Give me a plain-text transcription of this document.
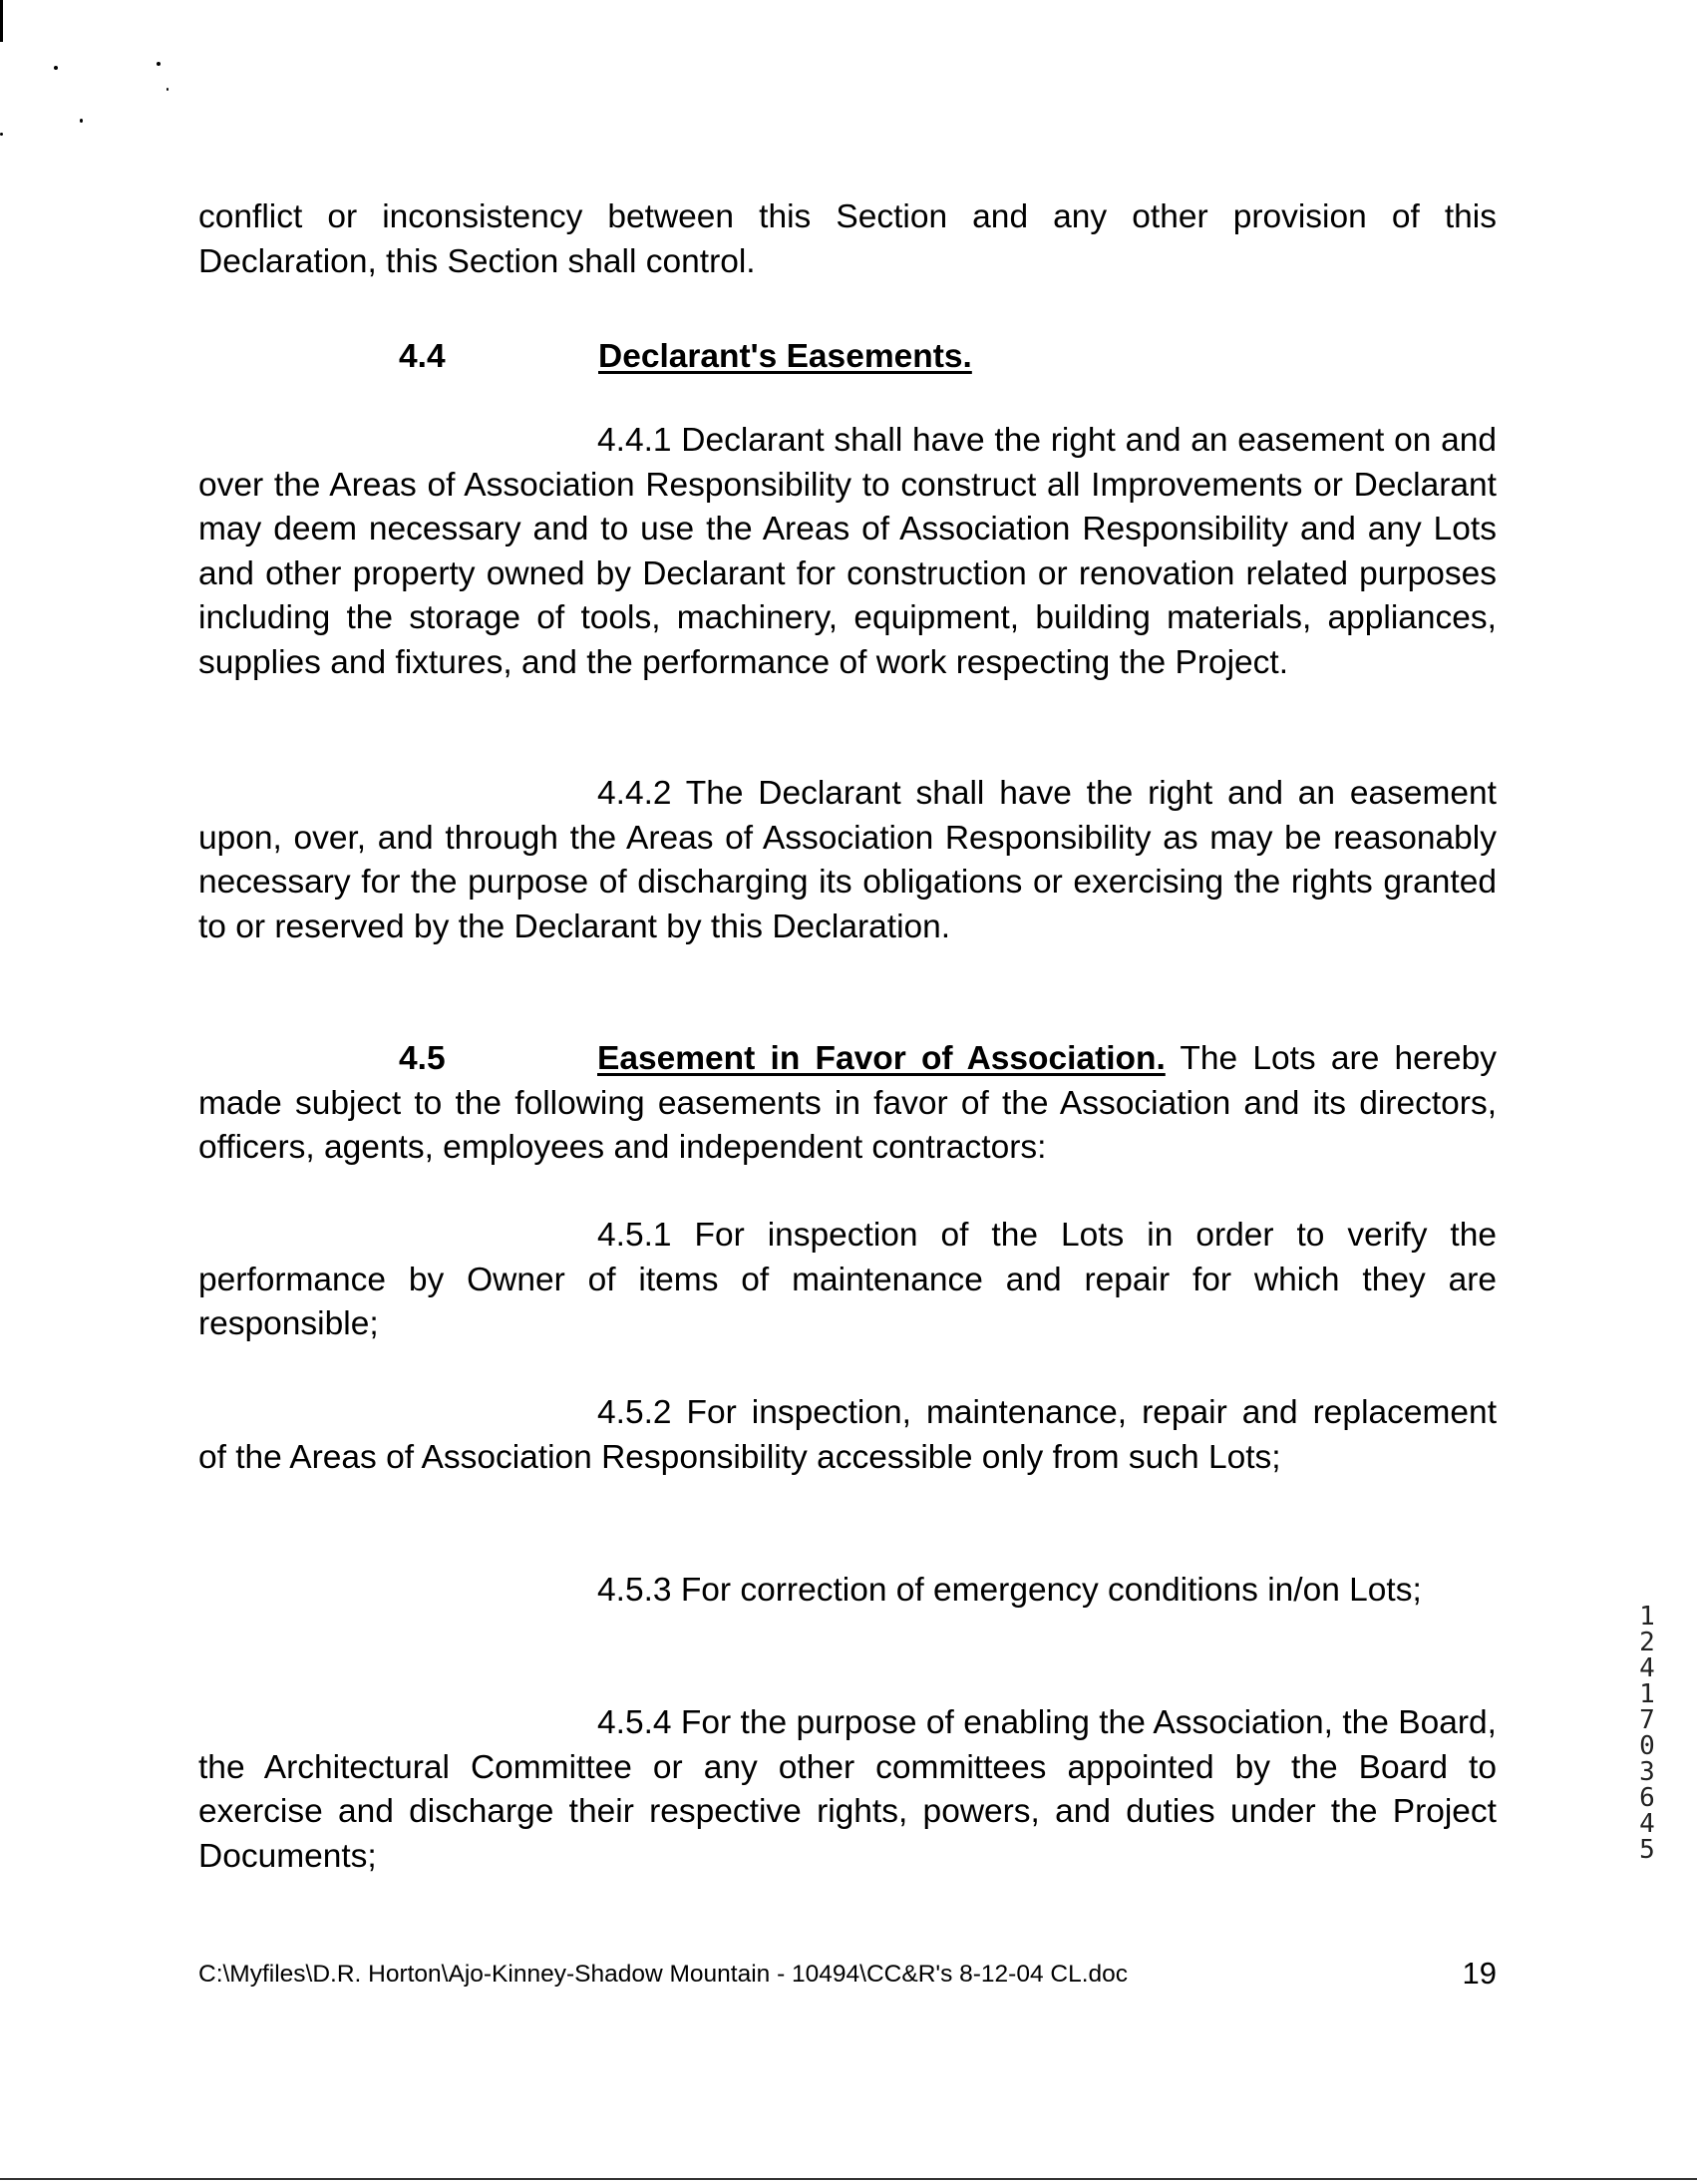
conflict or inconsistency between this Section and any other provision of this Declaration, this Section shall control.

4.4	Declarant's Easements.

4.4.1 Declarant shall have the right and an easement on and over the Areas of Association Responsibility to construct all Improvements or Declarant may deem necessary and to use the Areas of Association Responsibility and any Lots and other property owned by Declarant for construction or renovation related purposes including the storage of tools, machinery, equipment, building materials, appliances, supplies and fixtures, and the performance of work respecting the Project.

4.4.2 The Declarant shall have the right and an easement upon, over, and through the Areas of Association Responsibility as may be reasonably necessary for the purpose of discharging its obligations or exercising the rights granted to or reserved by the Declarant by this Declaration.

4.5	Easement in Favor of Association. The Lots are hereby made subject to the following easements in favor of the Association and its directors, officers, agents, employees and independent contractors:

4.5.1 For inspection of the Lots in order to verify the performance by Owner of items of maintenance and repair for which they are responsible;

4.5.2 For inspection, maintenance, repair and replacement of the Areas of Association Responsibility accessible only from such Lots;

4.5.3 For correction of emergency conditions in/on Lots;

4.5.4 For the purpose of enabling the Association, the Board, the Architectural Committee or any other committees appointed by the Board to exercise and discharge their respective rights, powers, and duties under the Project Documents;

12417 03645
C:\Myfiles\D.R. Horton\Ajo-Kinney-Shadow Mountain - 10494\CC&R's 8-12-04 CL.doc	19
